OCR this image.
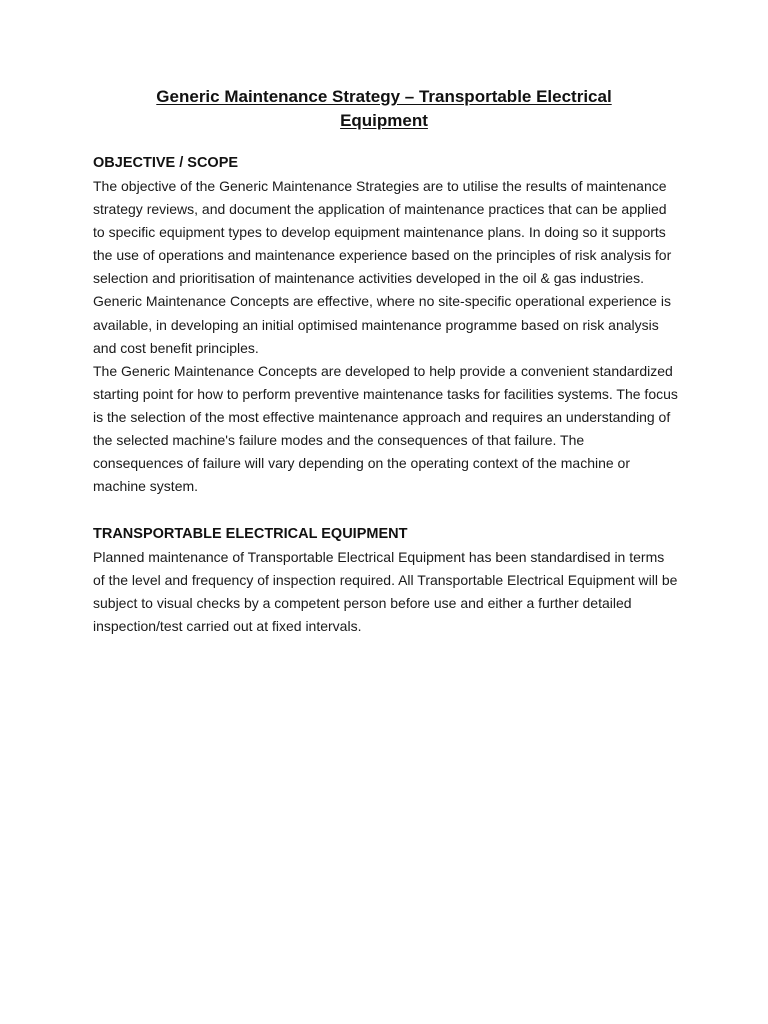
Generic Maintenance Strategy – Transportable Electrical
Equipment
OBJECTIVE / SCOPE

The objective of the Generic Maintenance Strategies are to utilise the results of maintenance strategy reviews, and document the application of maintenance practices that can be applied to specific equipment types to develop equipment maintenance plans. In doing so it supports the use of operations and maintenance experience based on the principles of risk analysis for selection and prioritisation of maintenance activities developed in the oil & gas industries.

Generic Maintenance Concepts are effective, where no site-specific operational experience is available, in developing an initial optimised maintenance programme based on risk analysis and cost benefit principles.

The Generic Maintenance Concepts are developed to help provide a convenient standardized starting point for how to perform preventive maintenance tasks for facilities systems. The focus is the selection of the most effective maintenance approach and requires an understanding of the selected machine's failure modes and the consequences of that failure. The consequences of failure will vary depending on the operating context of the machine or machine system.

TRANSPORTABLE ELECTRICAL EQUIPMENT

Planned maintenance of Transportable Electrical Equipment has been standardised in terms of the level and frequency of inspection required. All Transportable Electrical Equipment will be subject to visual checks by a competent person before use and either a further detailed inspection/test carried out at fixed intervals.
